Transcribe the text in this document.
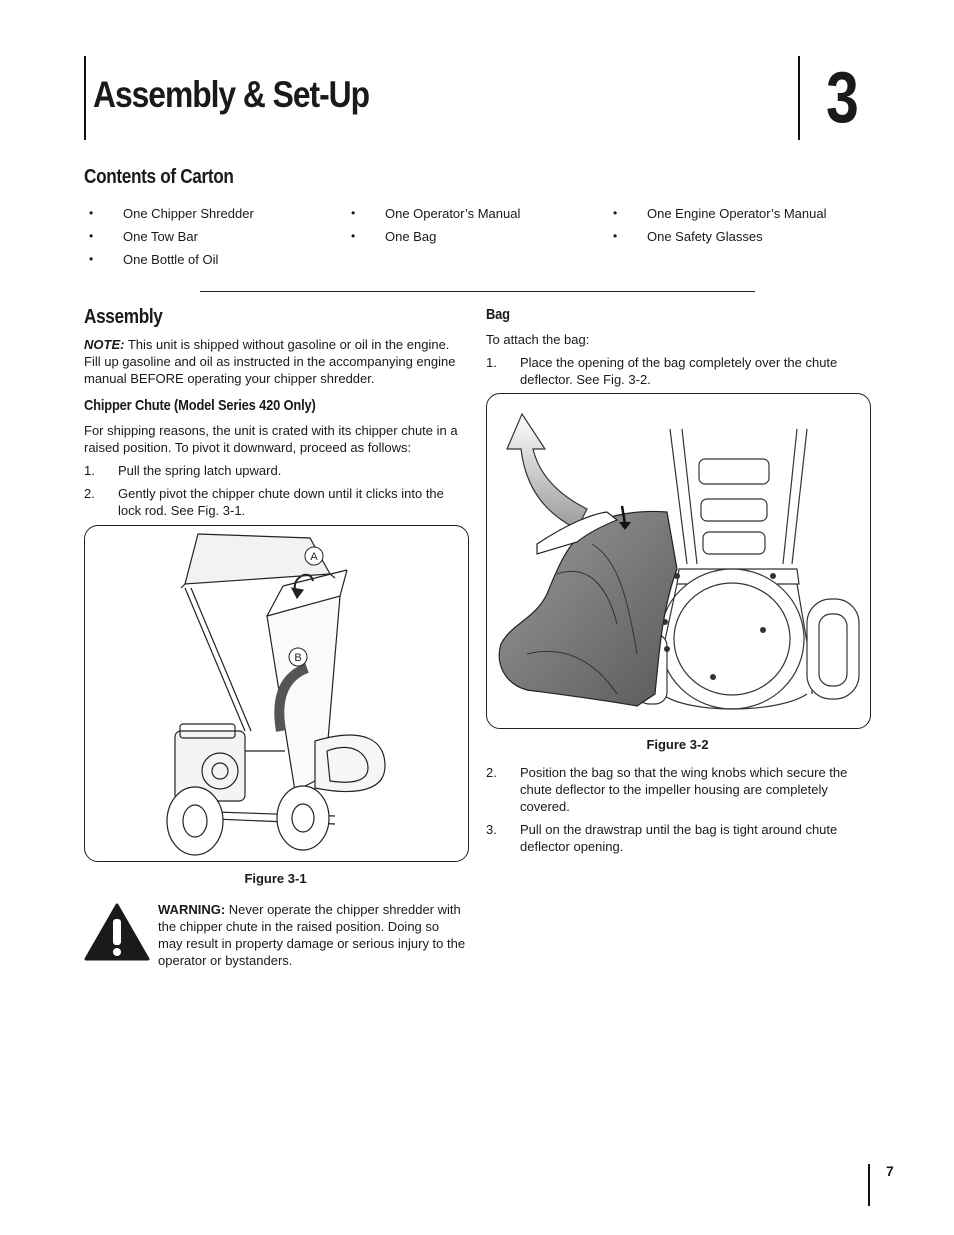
Assembly & Set-Up	3
Contents of Carton
• One Chipper Shredder
• One Tow Bar
• One Bottle of Oil
• One Operator’s Manual
• One Bag
• One Engine Operator’s Manual
• One Safety Glasses
Assembly
NOTE: This unit is shipped without gasoline or oil in the engine. Fill up gasoline and oil as instructed in the accompanying engine manual BEFORE operating your chipper shredder.
Chipper Chute (Model Series 420 Only)
For shipping reasons, the unit is crated with its chipper chute in a raised position. To pivot it downward, proceed as follows:
1. Pull the spring latch upward.
2. Gently pivot the chipper chute down until it clicks into the lock rod. See Fig. 3-1.
A
B
Figure 3-1
WARNING: Never operate the chipper shredder with the chipper chute in the raised position. Doing so may result in property damage or serious injury to the operator or bystanders.
Bag
To attach the bag:
1. Place the opening of the bag completely over the chute deflector. See Fig. 3-2.
Figure 3-2
2. Position the bag so that the wing knobs which secure the chute deflector to the impeller housing are completely covered.
3. Pull on the drawstrap until the bag is tight around chute deflector opening.
7
